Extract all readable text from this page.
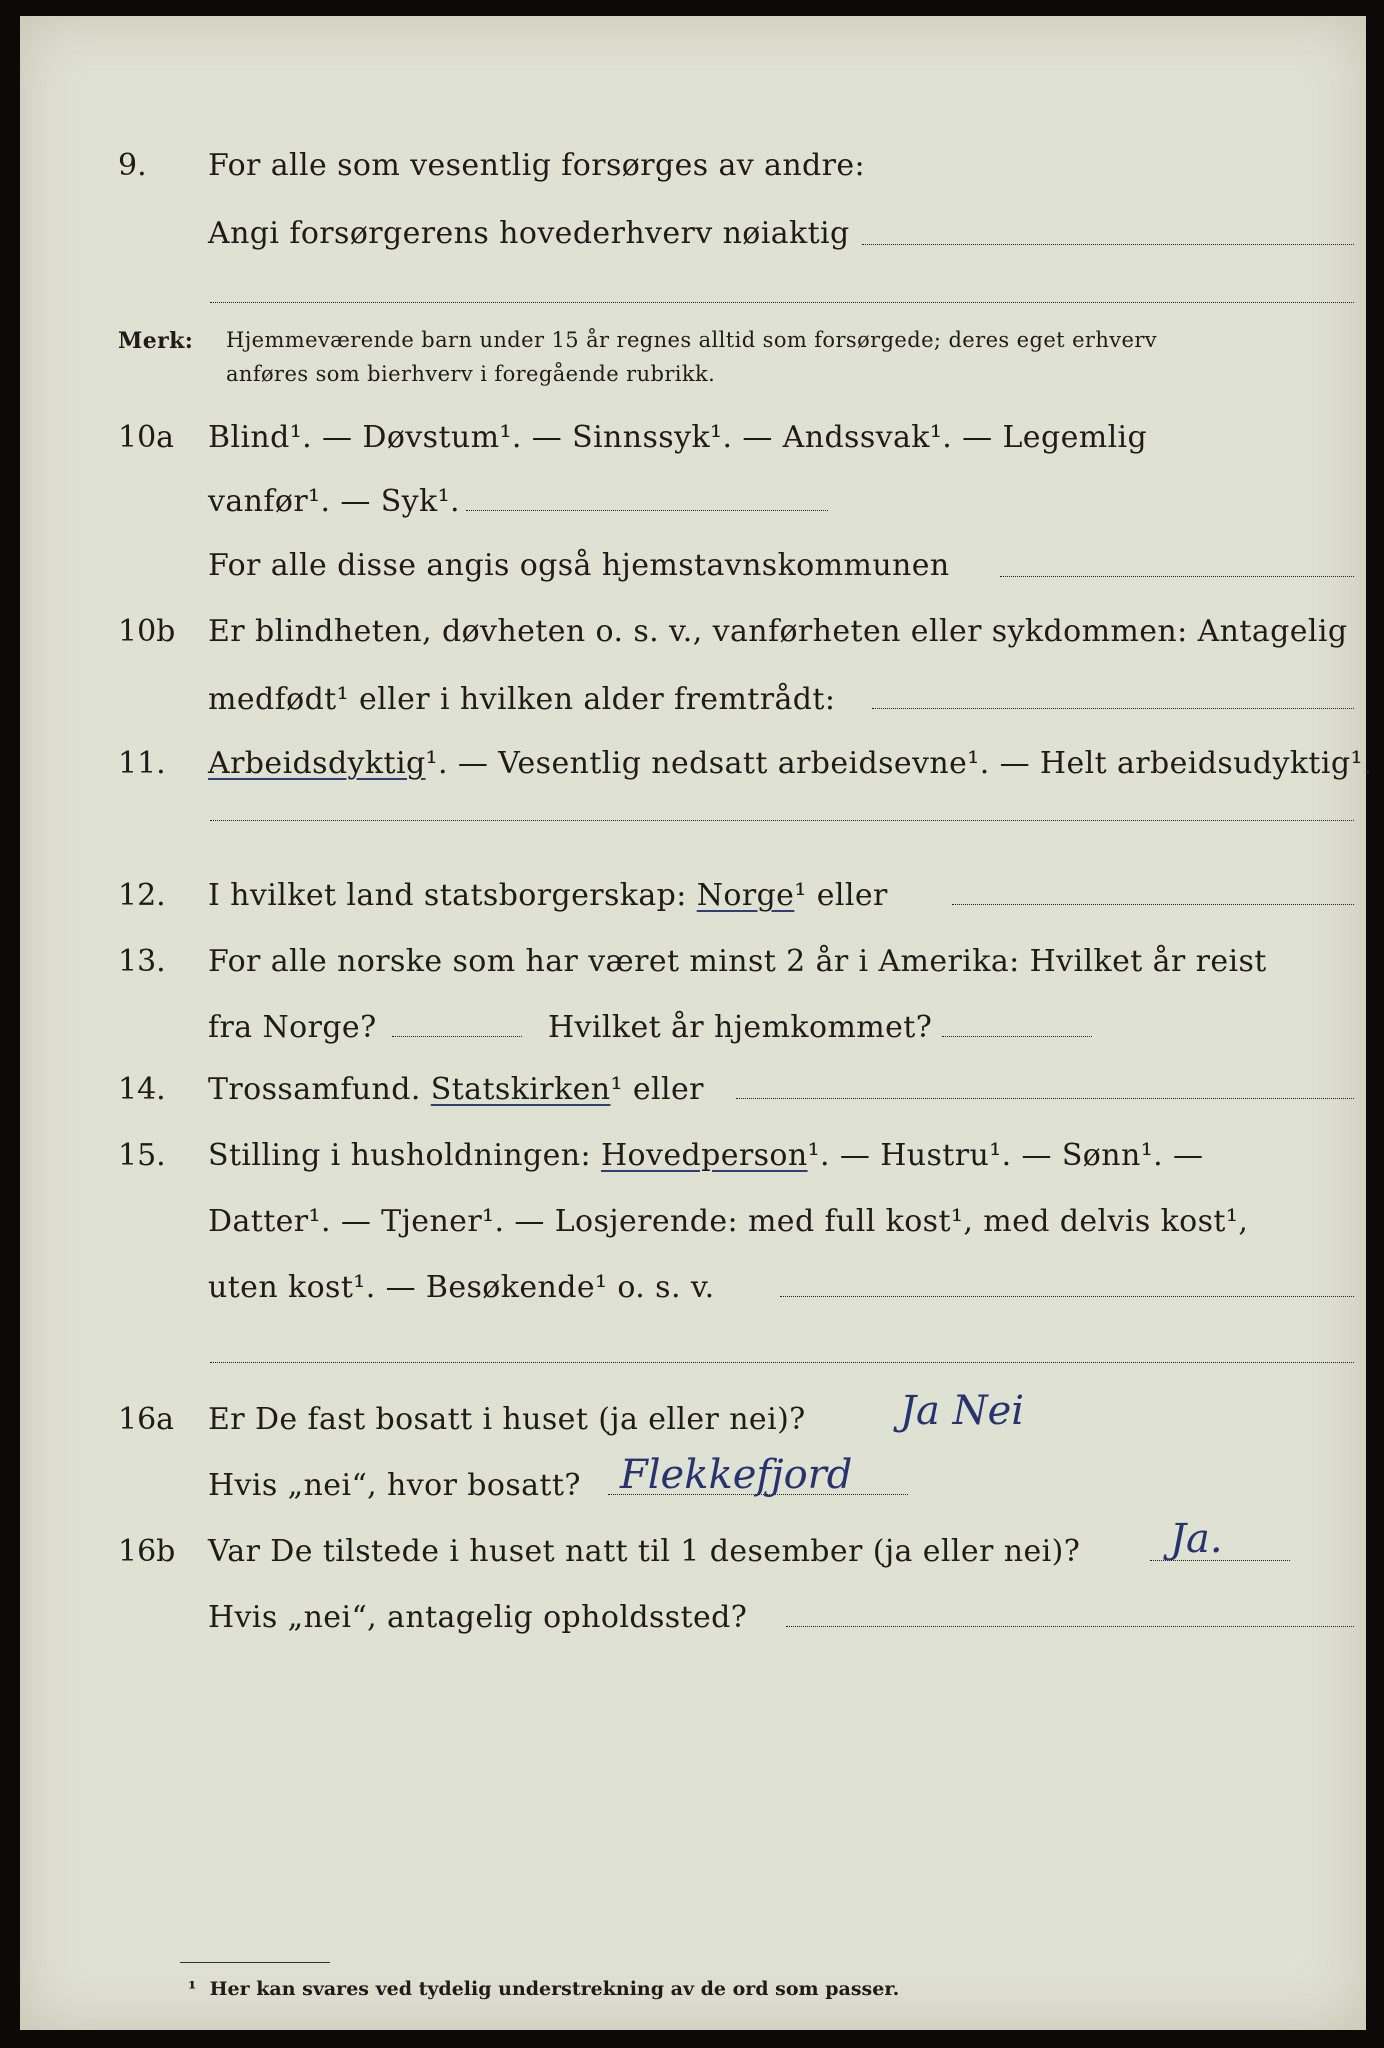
9. For alle som vesentlig forsørges av andre:
Angi forsørgerens hovederhverv nøiaktig
Merk: Hjemmeværende barn under 15 år regnes alltid som forsørgede; deres eget erhverv
anføres som bierhverv i foregående rubrikk.
10a Blind¹. — Døvstum¹. — Sinnssyk¹. — Andssvak¹. — Legemlig
vanfør¹. — Syk¹.
For alle disse angis også hjemstavnskommunen
10b Er blindheten, døvheten o. s. v., vanførheten eller sykdommen: Antagelig
medfødt¹ eller i hvilken alder fremtrådt:
11. Arbeidsdyktig¹. — Vesentlig nedsatt arbeidsevne¹. — Helt arbeidsudyktig¹.
12. I hvilket land statsborgerskap: Norge¹ eller
13. For alle norske som har været minst 2 år i Amerika: Hvilket år reist
fra Norge?	Hvilket år hjemkommet?
14. Trossamfund. Statskirken¹ eller
15. Stilling i husholdningen: Hovedperson¹. — Hustru¹. — Sønn¹. —
Datter¹. — Tjener¹. — Losjerende: med full kost¹, med delvis kost¹,
uten kost¹. — Besøkende¹ o. s. v.
16a Er De fast bosatt i huset (ja eller nei)? Ja Nei
Hvis „nei“, hvor bosatt? Flekkefjord
16b Var De tilstede i huset natt til 1 desember (ja eller nei)? Ja.
Hvis „nei“, antagelig opholdssted?
¹ Her kan svares ved tydelig understrekning av de ord som passer.
